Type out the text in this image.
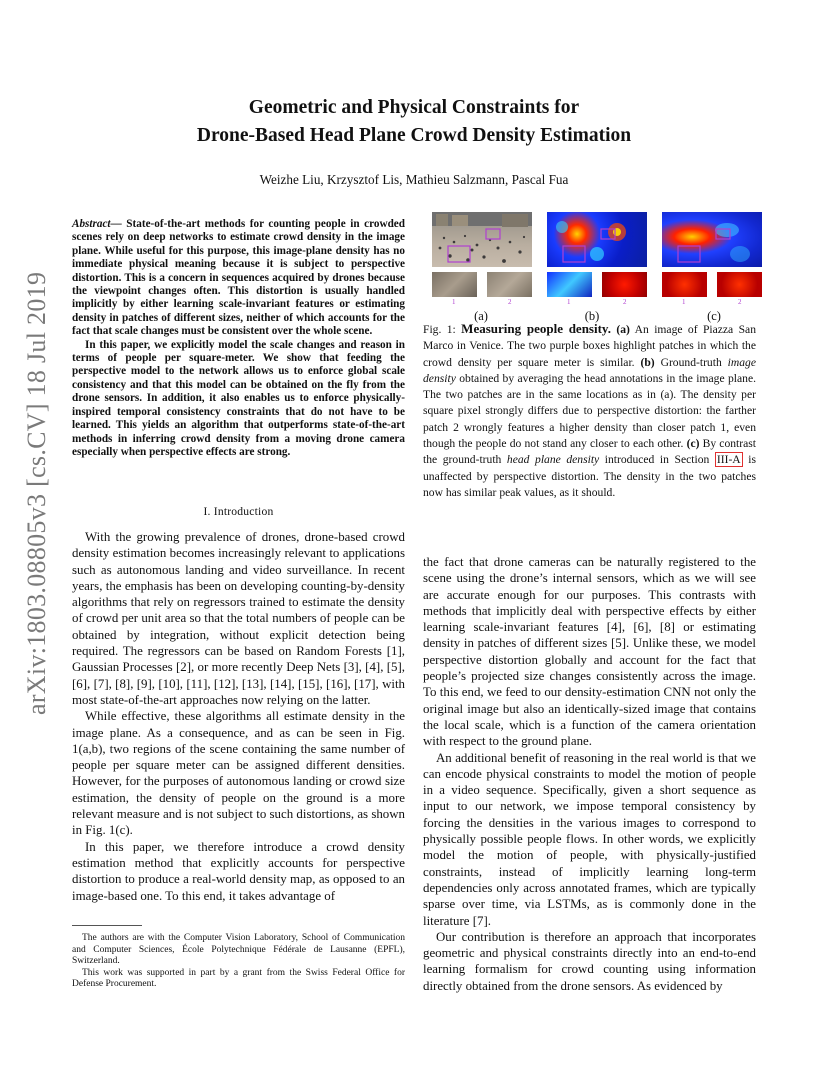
Geometric and Physical Constraints for
Drone-Based Head Plane Crowd Density Estimation
Weizhe Liu, Krzysztof Lis, Mathieu Salzmann, Pascal Fua
arXiv:1803.08805v3 [cs.CV] 18 Jul 2019

Abstract— State-of-the-art methods for counting people in crowded scenes rely on deep networks to estimate crowd density in the image plane. While useful for this purpose, this image-plane density has no immediate physical meaning because it is subject to perspective distortion. This is a concern in sequences acquired by drones because the viewpoint changes often. This distortion is usually handled implicitly by either learning scale-invariant features or estimating density in patches of different sizes, neither of which accounts for the fact that scale changes must be consistent over the whole scene.

In this paper, we explicitly model the scale changes and reason in terms of people per square-meter. We show that feeding the perspective model to the network allows us to enforce global scale consistency and that this model can be obtained on the fly from the drone sensors. In addition, it also enables us to enforce physically-inspired temporal consistency constraints that do not have to be learned. This yields an algorithm that outperforms state-of-the-art methods in inferring crowd density from a moving drone camera especially when perspective effects are strong.

I. Introduction

With the growing prevalence of drones, drone-based crowd density estimation becomes increasingly relevant to applications such as autonomous landing and video surveillance. In recent years, the emphasis has been on developing counting-by-density algorithms that rely on regressors trained to estimate the density of crowd per unit area so that the total numbers of people can be obtained by integration, without explicit detection being required. The regressors can be based on Random Forests [1], Gaussian Processes [2], or more recently Deep Nets [3], [4], [5], [6], [7], [8], [9], [10], [11], [12], [13], [14], [15], [16], [17], with most state-of-the-art approaches now relying on the latter.

While effective, these algorithms all estimate density in the image plane. As a consequence, and as can be seen in Fig. 1(a,b), two regions of the scene containing the same number of people per square meter can be assigned different densities. However, for the purposes of autonomous landing or crowd size estimation, the density of people on the ground is a more relevant measure and is not subject to such distortions, as shown in Fig. 1(c).

In this paper, we therefore introduce a crowd density estimation method that explicitly accounts for perspective distortion to produce a real-world density map, as opposed to an image-based one. To this end, it takes advantage of

The authors are with the Computer Vision Laboratory, School of Communication and Computer Sciences, École Polytechnique Fédérale de Lausanne (EPFL), Switzerland.

This work was supported in part by a grant from the Swiss Federal Office for Defense Procurement.

1	2	1	2	1	2
(a)	(b)	(c)
Fig. 1: Measuring people density. (a) An image of Piazza San Marco in Venice. The two purple boxes highlight patches in which the crowd density per square meter is similar. (b) Ground-truth image density obtained by averaging the head annotations in the image plane. The two patches are in the same locations as in (a). The density per square pixel strongly differs due to perspective distortion: the farther patch 2 wrongly features a higher density than closer patch 1, even though the people do not stand any closer to each other. (c) By contrast the ground-truth head plane density introduced in Section III-A is unaffected by perspective distortion. The density in the two patches now has similar peak values, as it should.

the fact that drone cameras can be naturally registered to the scene using the drone’s internal sensors, which as we will see are accurate enough for our purposes. This contrasts with methods that implicitly deal with perspective effects by either learning scale-invariant features [4], [6], [8] or estimating density in patches of different sizes [5]. Unlike these, we model perspective distortion globally and account for the fact that people’s projected size changes consistently across the image. To this end, we feed to our density-estimation CNN not only the original image but also an identically-sized image that contains the local scale, which is a function of the camera orientation with respect to the ground plane.

An additional benefit of reasoning in the real world is that we can encode physical constraints to model the motion of people in a video sequence. Specifically, given a short sequence as input to our network, we impose temporal consistency by forcing the densities in the various images to correspond to physically possible people flows. In other words, we explicitly model the motion of people, with physically-justified constraints, instead of implicitly learning long-term dependencies only across annotated frames, which are typically sparse over time, via LSTMs, as is commonly done in the literature [7].

Our contribution is therefore an approach that incorporates geometric and physical constraints directly into an end-to-end learning formalism for crowd counting using information directly obtained from the drone sensors. As evidenced by
